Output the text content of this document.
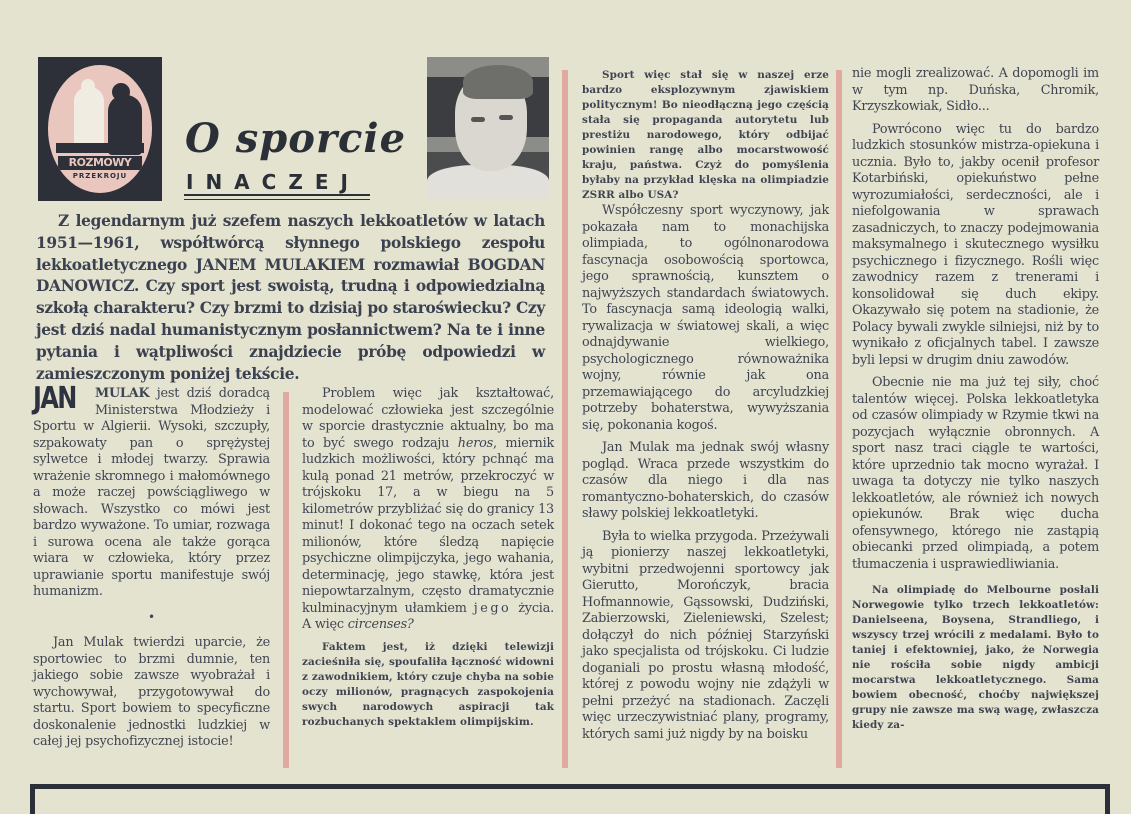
ROZMOWY
PRZEKROJU
O sporcie
INACZEJ
Z legendarnym już szefem naszych lekkoatletów w latach 1951—1961, współtwórcą słynnego polskiego zespołu lekkoatletycznego JANEM MULAKIEM rozmawiał BOGDAN DANOWICZ. Czy sport jest swoistą, trudną i odpowiedzialną szkołą charakteru? Czy brzmi to dzisiaj po staroświecku? Czy jest dziś nadal humanistycznym posłannictwem? Na te i inne pytania i wątpliwości znajdziecie próbę odpowiedzi w zamieszczonym poniżej tekście.

JAN MULAK jest dziś doradcą Ministerstwa Młodzieży i Sportu w Algierii. Wysoki, szczupły, szpakowaty pan o sprężystej sylwetce i młodej twarzy. Sprawia wrażenie skromnego i małomównego a może raczej powściągliwego w słowach. Wszystko co mówi jest bardzo wyważone. To umiar, rozwaga i surowa ocena ale także gorąca wiara w człowieka, który przez uprawianie sportu manifestuje swój humanizm.

•

Jan Mulak twierdzi uparcie, że sportowiec to brzmi dumnie, ten jakiego sobie zawsze wyobrażał i wychowywał, przygotowywał do startu. Sport bowiem to specyficzne doskonalenie jednostki ludzkiej w całej jej psychofizycznej istocie!

Problem więc jak kształtować, modelować człowieka jest szczególnie w sporcie drastycznie aktualny, bo ma to być swego rodzaju heros, miernik ludzkich możliwości, który pchnąć ma kulą ponad 21 metrów, przekroczyć w trójskoku 17, a w biegu na 5 kilometrów przybliżać się do granicy 13 minut! I dokonać tego na oczach setek milionów, które śledzą napięcie psychiczne olimpijczyka, jego wahania, determinację, jego stawkę, która jest niepowtarzalnym, często dramatycznie kulminacyjnym ułamkiem jego życia. A więc circenses?

Faktem jest, iż dzięki telewizji zacieśniła się, spoufaliła łączność widowni z zawodnikiem, który czuje chyba na sobie oczy milionów, pragnących zaspokojenia swych narodowych aspiracji tak rozbuchanych spektaklem olimpijskim.

Sport więc stał się w naszej erze bardzo eksplozywnym zjawiskiem politycznym! Bo nieodłączną jego częścią stała się propaganda autorytetu lub prestiżu narodowego, który odbijać powinien rangę albo mocarstwowość kraju, państwa. Czyż do pomyślenia byłaby na przykład klęska na olimpiadzie ZSRR albo USA?

Współczesny sport wyczynowy, jak pokazała nam to monachijska olimpiada, to ogólnonarodowa fascynacja osobowością sportowca, jego sprawnością, kunsztem o najwyższych standardach światowych. To fascynacja samą ideologią walki, rywalizacja w światowej skali, a więc odnajdywanie wielkiego, psychologicznego równoważnika wojny, równie jak ona przemawiającego do arcyludzkiej potrzeby bohaterstwa, wywyższania się, pokonania kogoś.

Jan Mulak ma jednak swój własny pogląd. Wraca przede wszystkim do czasów dla niego i dla nas romantyczno-bohaterskich, do czasów sławy polskiej lekkoatletyki.

Była to wielka przygoda. Przeżywali ją pionierzy naszej lekkoatletyki, wybitni przedwojenni sportowcy jak Gierutto, Morończyk, bracia Hofmannowie, Gąssowski, Dudziński, Zabierzowski, Zieleniewski, Szelest; dołączył do nich później Starzyński jako specjalista od trójskoku. Ci ludzie doganiali po prostu własną młodość, której z powodu wojny nie zdążyli w pełni przeżyć na stadionach. Zaczęli więc urzeczywistniać plany, programy, których sami już nigdy by na boisku

nie mogli zrealizować. A dopomogli im w tym np. Duńska, Chromik, Krzyszkowiak, Sidło...

Powrócono więc tu do bardzo ludzkich stosunków mistrza-opiekuna i ucznia. Było to, jakby ocenił profesor Kotarbiński, opiekuństwo pełne wyrozumiałości, serdeczności, ale i niefolgowania w sprawach zasadniczych, to znaczy podejmowania maksymalnego i skutecznego wysiłku psychicznego i fizycznego. Rośli więc zawodnicy razem z trenerami i konsolidował się duch ekipy. Okazywało się potem na stadionie, że Polacy bywali zwykle silniejsi, niż by to wynikało z oficjalnych tabel. I zawsze byli lepsi w drugim dniu zawodów.

Obecnie nie ma już tej siły, choć talentów więcej. Polska lekkoatletyka od czasów olimpiady w Rzymie tkwi na pozycjach wyłącznie obronnych. A sport nasz traci ciągle te wartości, które uprzednio tak mocno wyrażał. I uwaga ta dotyczy nie tylko naszych lekkoatletów, ale również ich nowych opiekunów. Brak więc ducha ofensywnego, którego nie zastąpią obiecanki przed olimpiadą, a potem tłumaczenia i usprawiedliwiania.

Na olimpiadę do Melbourne posłali Norwegowie tylko trzech lekkoatletów: Danielseena, Boysena, Strandliego, i wszyscy trzej wrócili z medalami. Było to taniej i efektowniej, jako, że Norwegia nie rościła sobie nigdy ambicji mocarstwa lekkoatletycznego. Sama bowiem obecność, choćby największej grupy nie zawsze ma swą wagę, zwłaszcza kiedy za-
